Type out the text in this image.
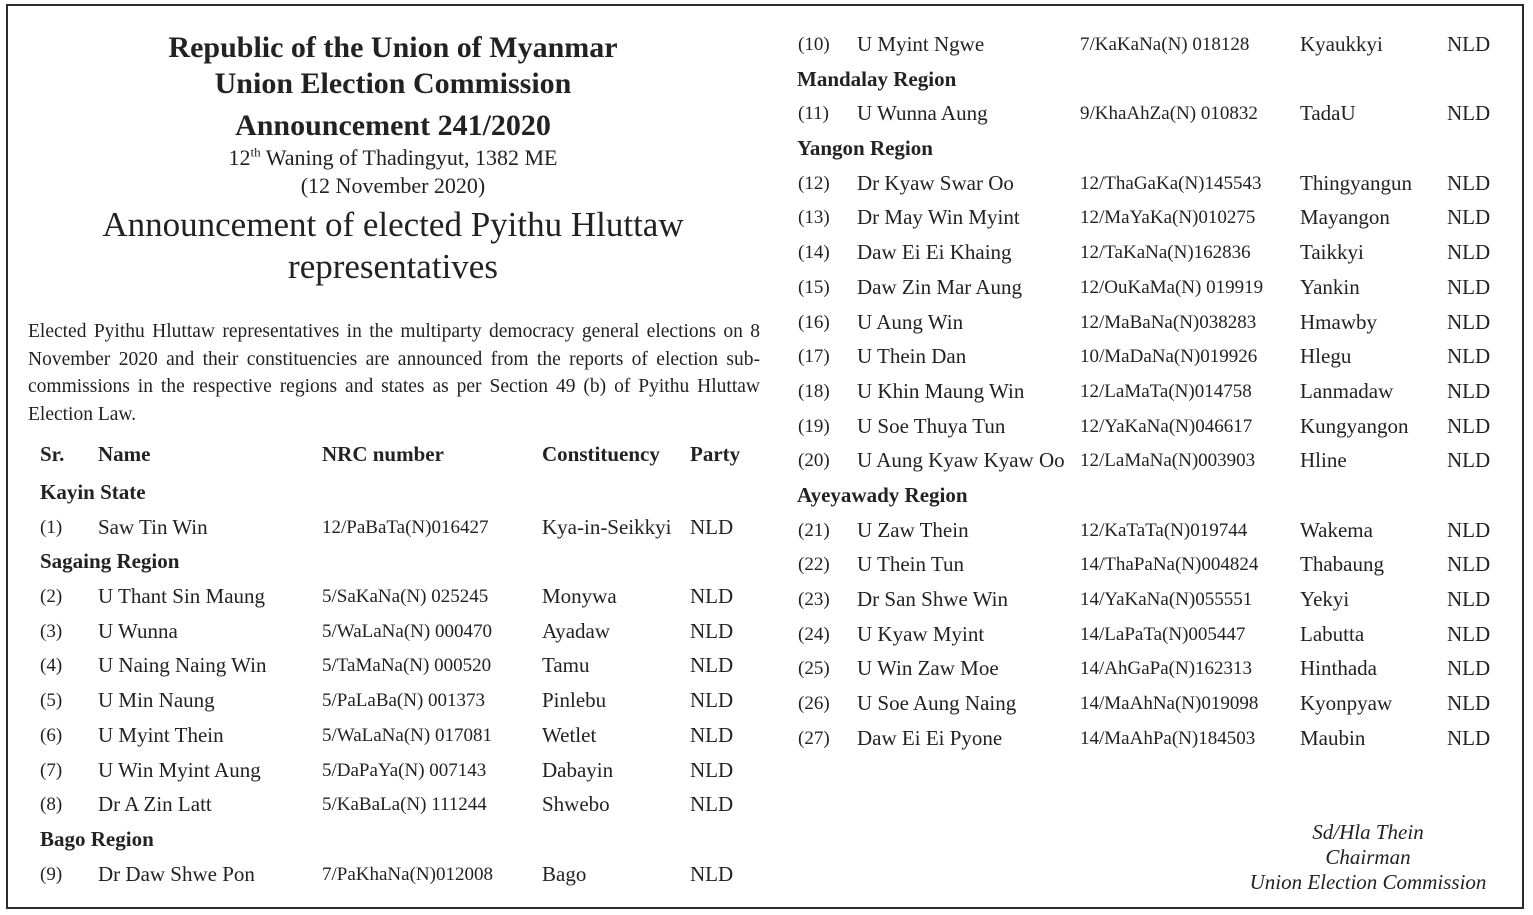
Republic of the Union of Myanmar
Union Election Commission
Announcement 241/2020
12th Waning of Thadingyut, 1382 ME
(12 November 2020)
Announcement of elected Pyithu Hluttaw
representatives
Elected Pyithu Hluttaw representatives in the multiparty democracy general elections on 8 November 2020 and their constituencies are announced from the reports of election sub-commissions in the respective regions and states as per Section 49 (b) of Pyithu Hluttaw Election Law.
Sr. Name	NRC number	Constituency Party
Kayin State
(1) Saw Tin Win	12/PaBaTa(N)016427	Kya-in-Seikkyi NLD
Sagaing Region
(2) U Thant Sin Maung	5/SaKaNa(N) 025245	Monywa	NLD
(3) U Wunna	5/WaLaNa(N) 000470 Ayadaw	NLD
(4) U Naing Naing Win	5/TaMaNa(N) 000520 Tamu	NLD
(5) U Min Naung	5/PaLaBa(N) 001373	Pinlebu	NLD
(6) U Myint Thein	5/WaLaNa(N) 017081 Wetlet	NLD
(7) U Win Myint Aung	5/DaPaYa(N) 007143	Dabayin	NLD
(8) Dr A Zin Latt	5/KaBaLa(N) 111244	Shwebo	NLD
Bago Region
(9) Dr Daw Shwe Pon	7/PaKhaNa(N)012008 Bago	NLD
(10) U Myint Ngwe	7/KaKaNa(N) 018128 Kyaukkyi	NLD
Mandalay Region
(11) U Wunna Aung	9/KhaAhZa(N) 010832 TadaU	NLD
Yangon Region
(12) Dr Kyaw Swar Oo	12/ThaGaKa(N)145543 Thingyangun NLD
(13) Dr May Win Myint	12/MaYaKa(N)010275 Mayangon	NLD
(14) Daw Ei Ei Khaing	12/TaKaNa(N)162836 Taikkyi	NLD
(15) Daw Zin Mar Aung	12/OuKaMa(N) 019919 Yankin	NLD
(16) U Aung Win	12/MaBaNa(N)038283 Hmawby	NLD
(17) U Thein Dan	10/MaDaNa(N)019926 Hlegu	NLD
(18) U Khin Maung Win	12/LaMaTa(N)014758 Lanmadaw	NLD
(19) U Soe Thuya Tun	12/YaKaNa(N)046617 Kungyangon NLD
(20) U Aung Kyaw Kyaw Oo 12/LaMaNa(N)003903 Hline	NLD
Ayeyawady Region
(21) U Zaw Thein	12/KaTaTa(N)019744	Wakema	NLD
(22) U Thein Tun	14/ThaPaNa(N)004824 Thabaung	NLD
(23) Dr San Shwe Win	14/YaKaNa(N)055551 Yekyi	NLD
(24) U Kyaw Myint	14/LaPaTa(N)005447	Labutta	NLD
(25) U Win Zaw Moe	14/AhGaPa(N)162313 Hinthada	NLD
(26) U Soe Aung Naing	14/MaAhNa(N)019098 Kyonpyaw	NLD
(27) Daw Ei Ei Pyone	14/MaAhPa(N)184503 Maubin	NLD
Sd/Hla Thein
Chairman
Union Election Commission
